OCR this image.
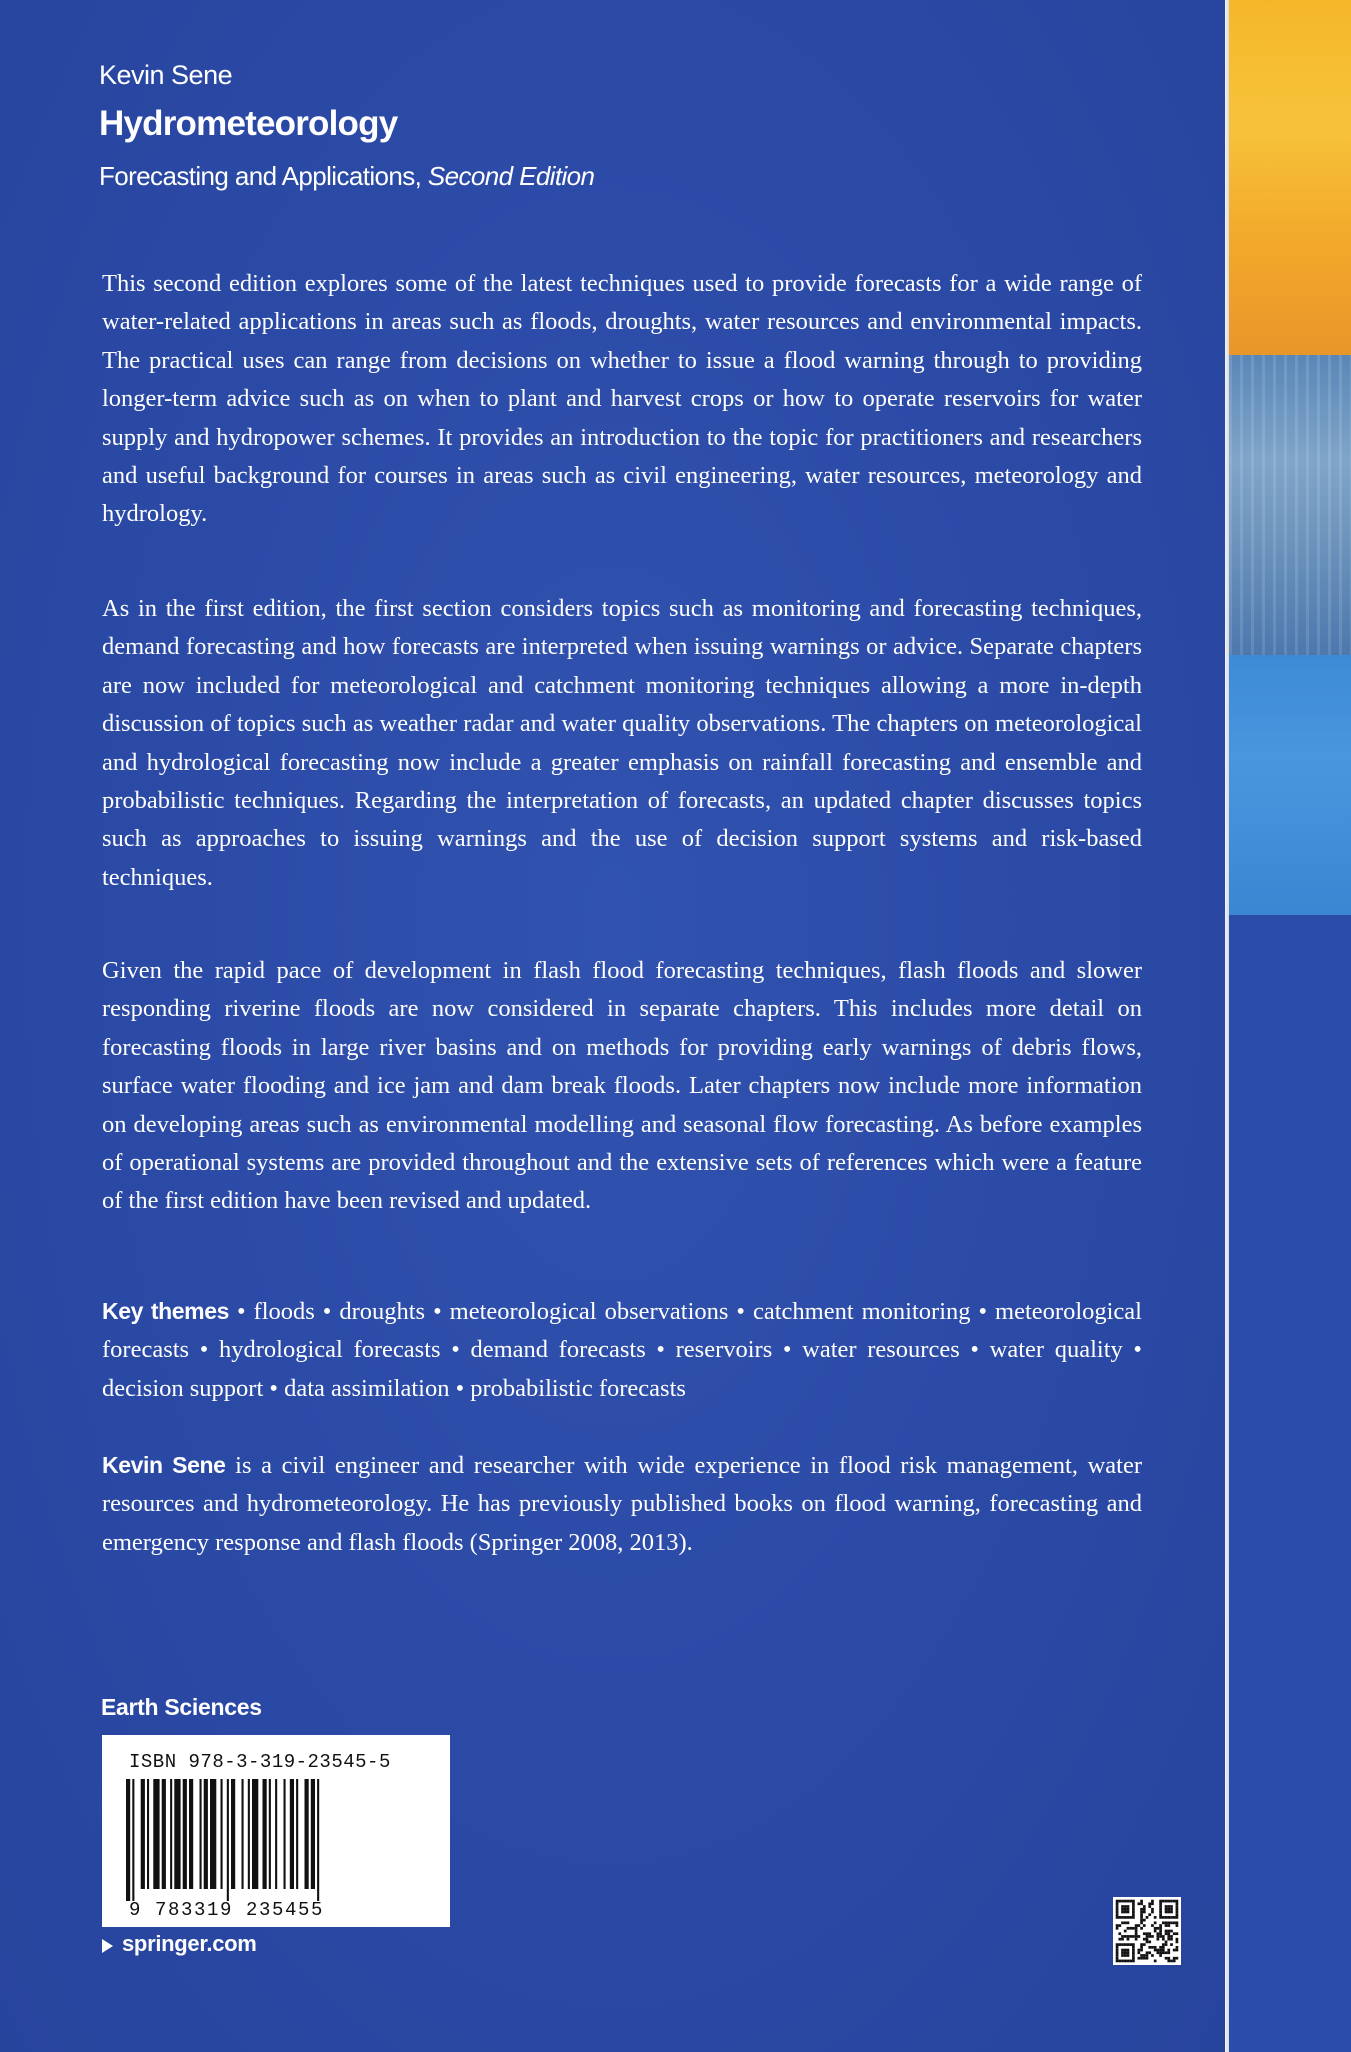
Kevin Sene

Hydrometeorology

Forecasting and Applications, Second Edition

This second edition explores some of the latest techniques used to provide forecasts for a wide range of water-related applications in areas such as floods, droughts, water resources and environmental impacts. The practical uses can range from decisions on whether to issue a flood warning through to providing longer-term advice such as on when to plant and harvest crops or how to operate reservoirs for water supply and hydropower schemes. It provides an introduction to the topic for practitioners and researchers and useful background for courses in areas such as civil engineering, water resources, meteorology and hydrology.

As in the first edition, the first section considers topics such as monitoring and forecasting techniques, demand forecasting and how forecasts are interpreted when issuing warnings or advice. Separate chapters are now included for meteorological and catchment monitoring techniques allowing a more in-depth discussion of topics such as weather radar and water quality observations. The chapters on meteorological and hydrological forecasting now include a greater emphasis on rainfall forecasting and ensemble and probabilistic techniques. Regarding the interpretation of forecasts, an updated chapter discusses topics such as approaches to issuing warnings and the use of decision support systems and risk-based techniques.

Given the rapid pace of development in flash flood forecasting techniques, flash floods and slower responding riverine floods are now considered in separate chapters. This includes more detail on forecasting floods in large river basins and on methods for providing early warnings of debris flows, surface water flooding and ice jam and dam break floods. Later chapters now include more information on developing areas such as environmental modelling and seasonal flow forecasting. As before examples of operational systems are provided throughout and the extensive sets of references which were a feature of the first edition have been revised and updated.

Key themes • floods • droughts • meteorological observations • catchment monitoring • meteorological forecasts • hydrological forecasts • demand forecasts • reservoirs • water resources • water quality • decision support • data assimilation • probabilistic forecasts

Kevin Sene is a civil engineer and researcher with wide experience in flood risk management, water resources and hydrometeorology. He has previously published books on flood warning, forecasting and emergency response and flash floods (Springer 2008, 2013).

Earth Sciences

ISBN 978-3-319-23545-5

9 783319 235455

springer.com
